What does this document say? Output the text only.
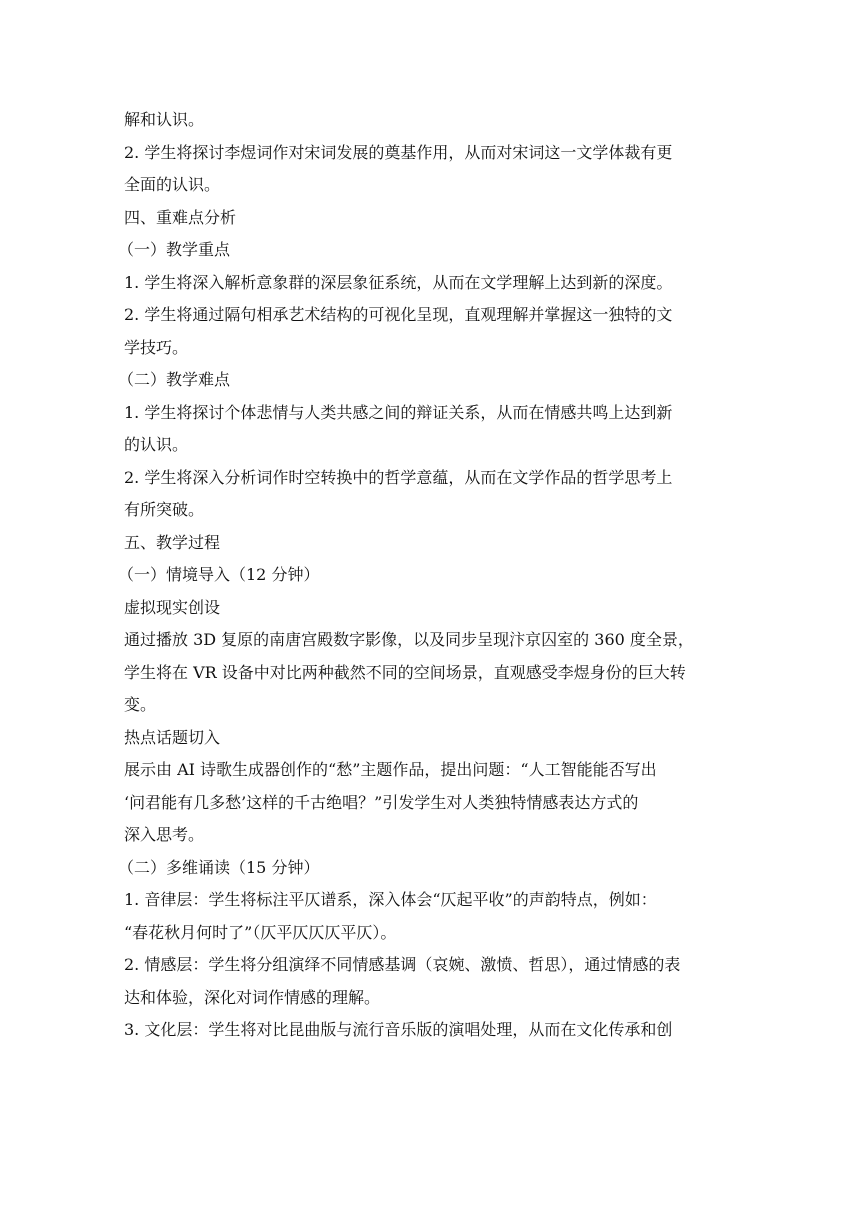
解和认识。
2. 学生将探讨李煜词作对宋词发展的奠基作用，从而对宋词这一文学体裁有更
全面的认识。
四、重难点分析
（一）教学重点
1. 学生将深入解析意象群的深层象征系统，从而在文学理解上达到新的深度。
2. 学生将通过隔句相承艺术结构的可视化呈现，直观理解并掌握这一独特的文
学技巧。
（二）教学难点
1. 学生将探讨个体悲情与人类共感之间的辩证关系，从而在情感共鸣上达到新
的认识。
2. 学生将深入分析词作时空转换中的哲学意蕴，从而在文学作品的哲学思考上
有所突破。
五、教学过程
（一）情境导入（12 分钟）
虚拟现实创设
通过播放 3D 复原的南唐宫殿数字影像，以及同步呈现汴京囚室的 360 度全景，
学生将在 VR 设备中对比两种截然不同的空间场景，直观感受李煜身份的巨大转
变。
热点话题切入
展示由 AI 诗歌生成器创作的“愁”主题作品，提出问题：“人工智能能否写出
‘问君能有几多愁’这样的千古绝唱？”引发学生对人类独特情感表达方式的
深入思考。
（二）多维诵读（15 分钟）
1. 音律层：学生将标注平仄谱系，深入体会“仄起平收”的声韵特点，例如：
“春花秋月何时了”（仄平仄仄仄平仄）。
2. 情感层：学生将分组演绎不同情感基调（哀婉、激愤、哲思），通过情感的表
达和体验，深化对词作情感的理解。
3. 文化层：学生将对比昆曲版与流行音乐版的演唱处理，从而在文化传承和创
